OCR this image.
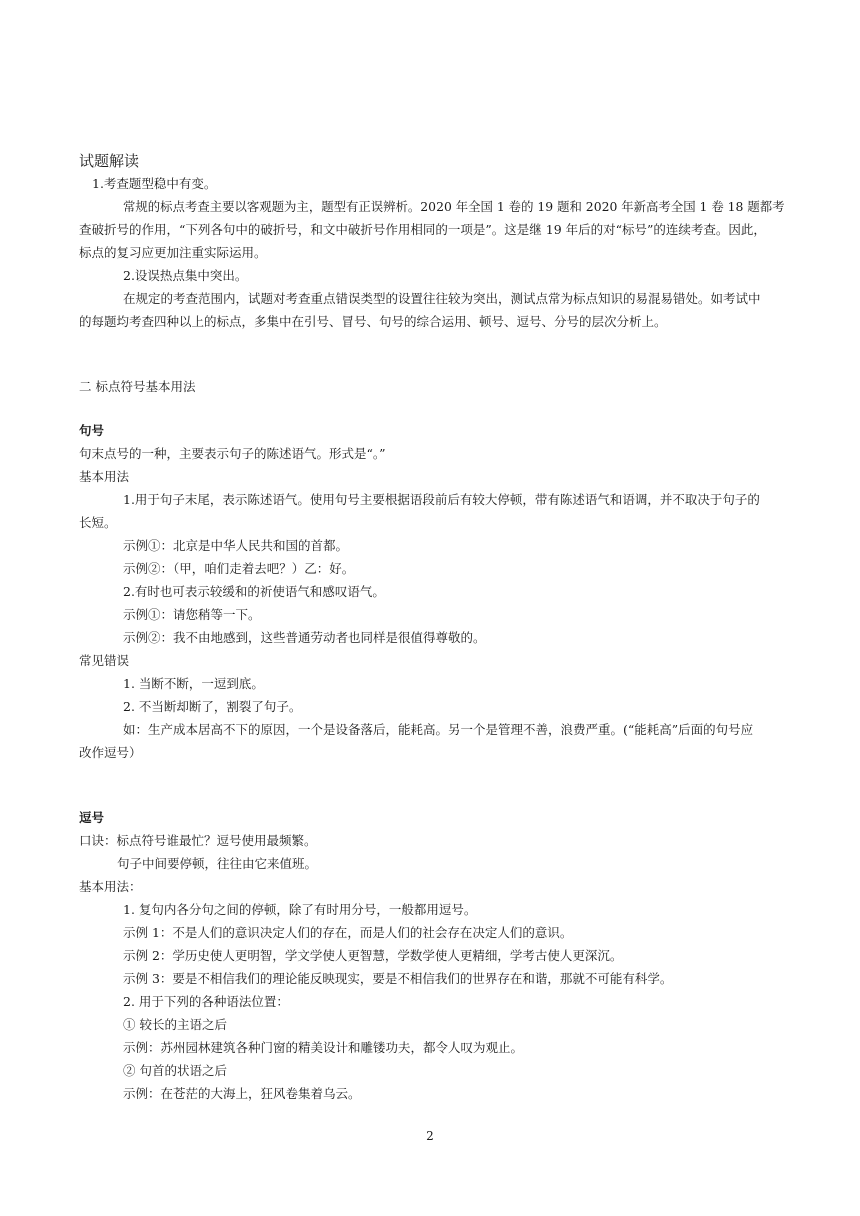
试题解读
1.考查题型稳中有变。
常规的标点考查主要以客观题为主，题型有正误辨析。2020 年全国 1 卷的 19 题和 2020 年新高考全国 1 卷 18 题都考
查破折号的作用，“下列各句中的破折号，和文中破折号作用相同的一项是”。这是继 19 年后的对“标号”的连续考查。因此，
标点的复习应更加注重实际运用。
2.设误热点集中突出。
在规定的考查范围内，试题对考查重点错误类型的设置往往较为突出，测试点常为标点知识的易混易错处。如考试中
的每题均考查四种以上的标点，多集中在引号、冒号、句号的综合运用、顿号、逗号、分号的层次分析上。
二 标点符号基本用法
句号
句末点号的一种，主要表示句子的陈述语气。形式是“。”
基本用法
1.用于句子末尾，表示陈述语气。使用句号主要根据语段前后有较大停顿，带有陈述语气和语调，并不取决于句子的
长短。
示例①：北京是中华人民共和国的首都。
示例②：（甲，咱们走着去吧？）乙：好。
2.有时也可表示较缓和的祈使语气和感叹语气。
示例①：请您稍等一下。
示例②：我不由地感到，这些普通劳动者也同样是很值得尊敬的。
常见错误
1. 当断不断，一逗到底。
2. 不当断却断了，割裂了句子。
如：生产成本居高不下的原因，一个是设备落后，能耗高。另一个是管理不善，浪费严重。(“能耗高”后面的句号应
改作逗号）
逗号
口诀：标点符号谁最忙？逗号使用最频繁。
句子中间要停顿，往往由它来值班。
基本用法：
1. 复句内各分句之间的停顿，除了有时用分号，一般都用逗号。
示例 1：不是人们的意识决定人们的存在，而是人们的社会存在决定人们的意识。
示例 2：学历史使人更明智，学文学使人更智慧，学数学使人更精细，学考古使人更深沉。
示例 3：要是不相信我们的理论能反映现实，要是不相信我们的世界存在和谐，那就不可能有科学。
2. 用于下列的各种语法位置：
① 较长的主语之后
示例：苏州园林建筑各种门窗的精美设计和雕镂功夫，都令人叹为观止。
② 句首的状语之后
示例：在苍茫的大海上，狂风卷集着乌云。
2
